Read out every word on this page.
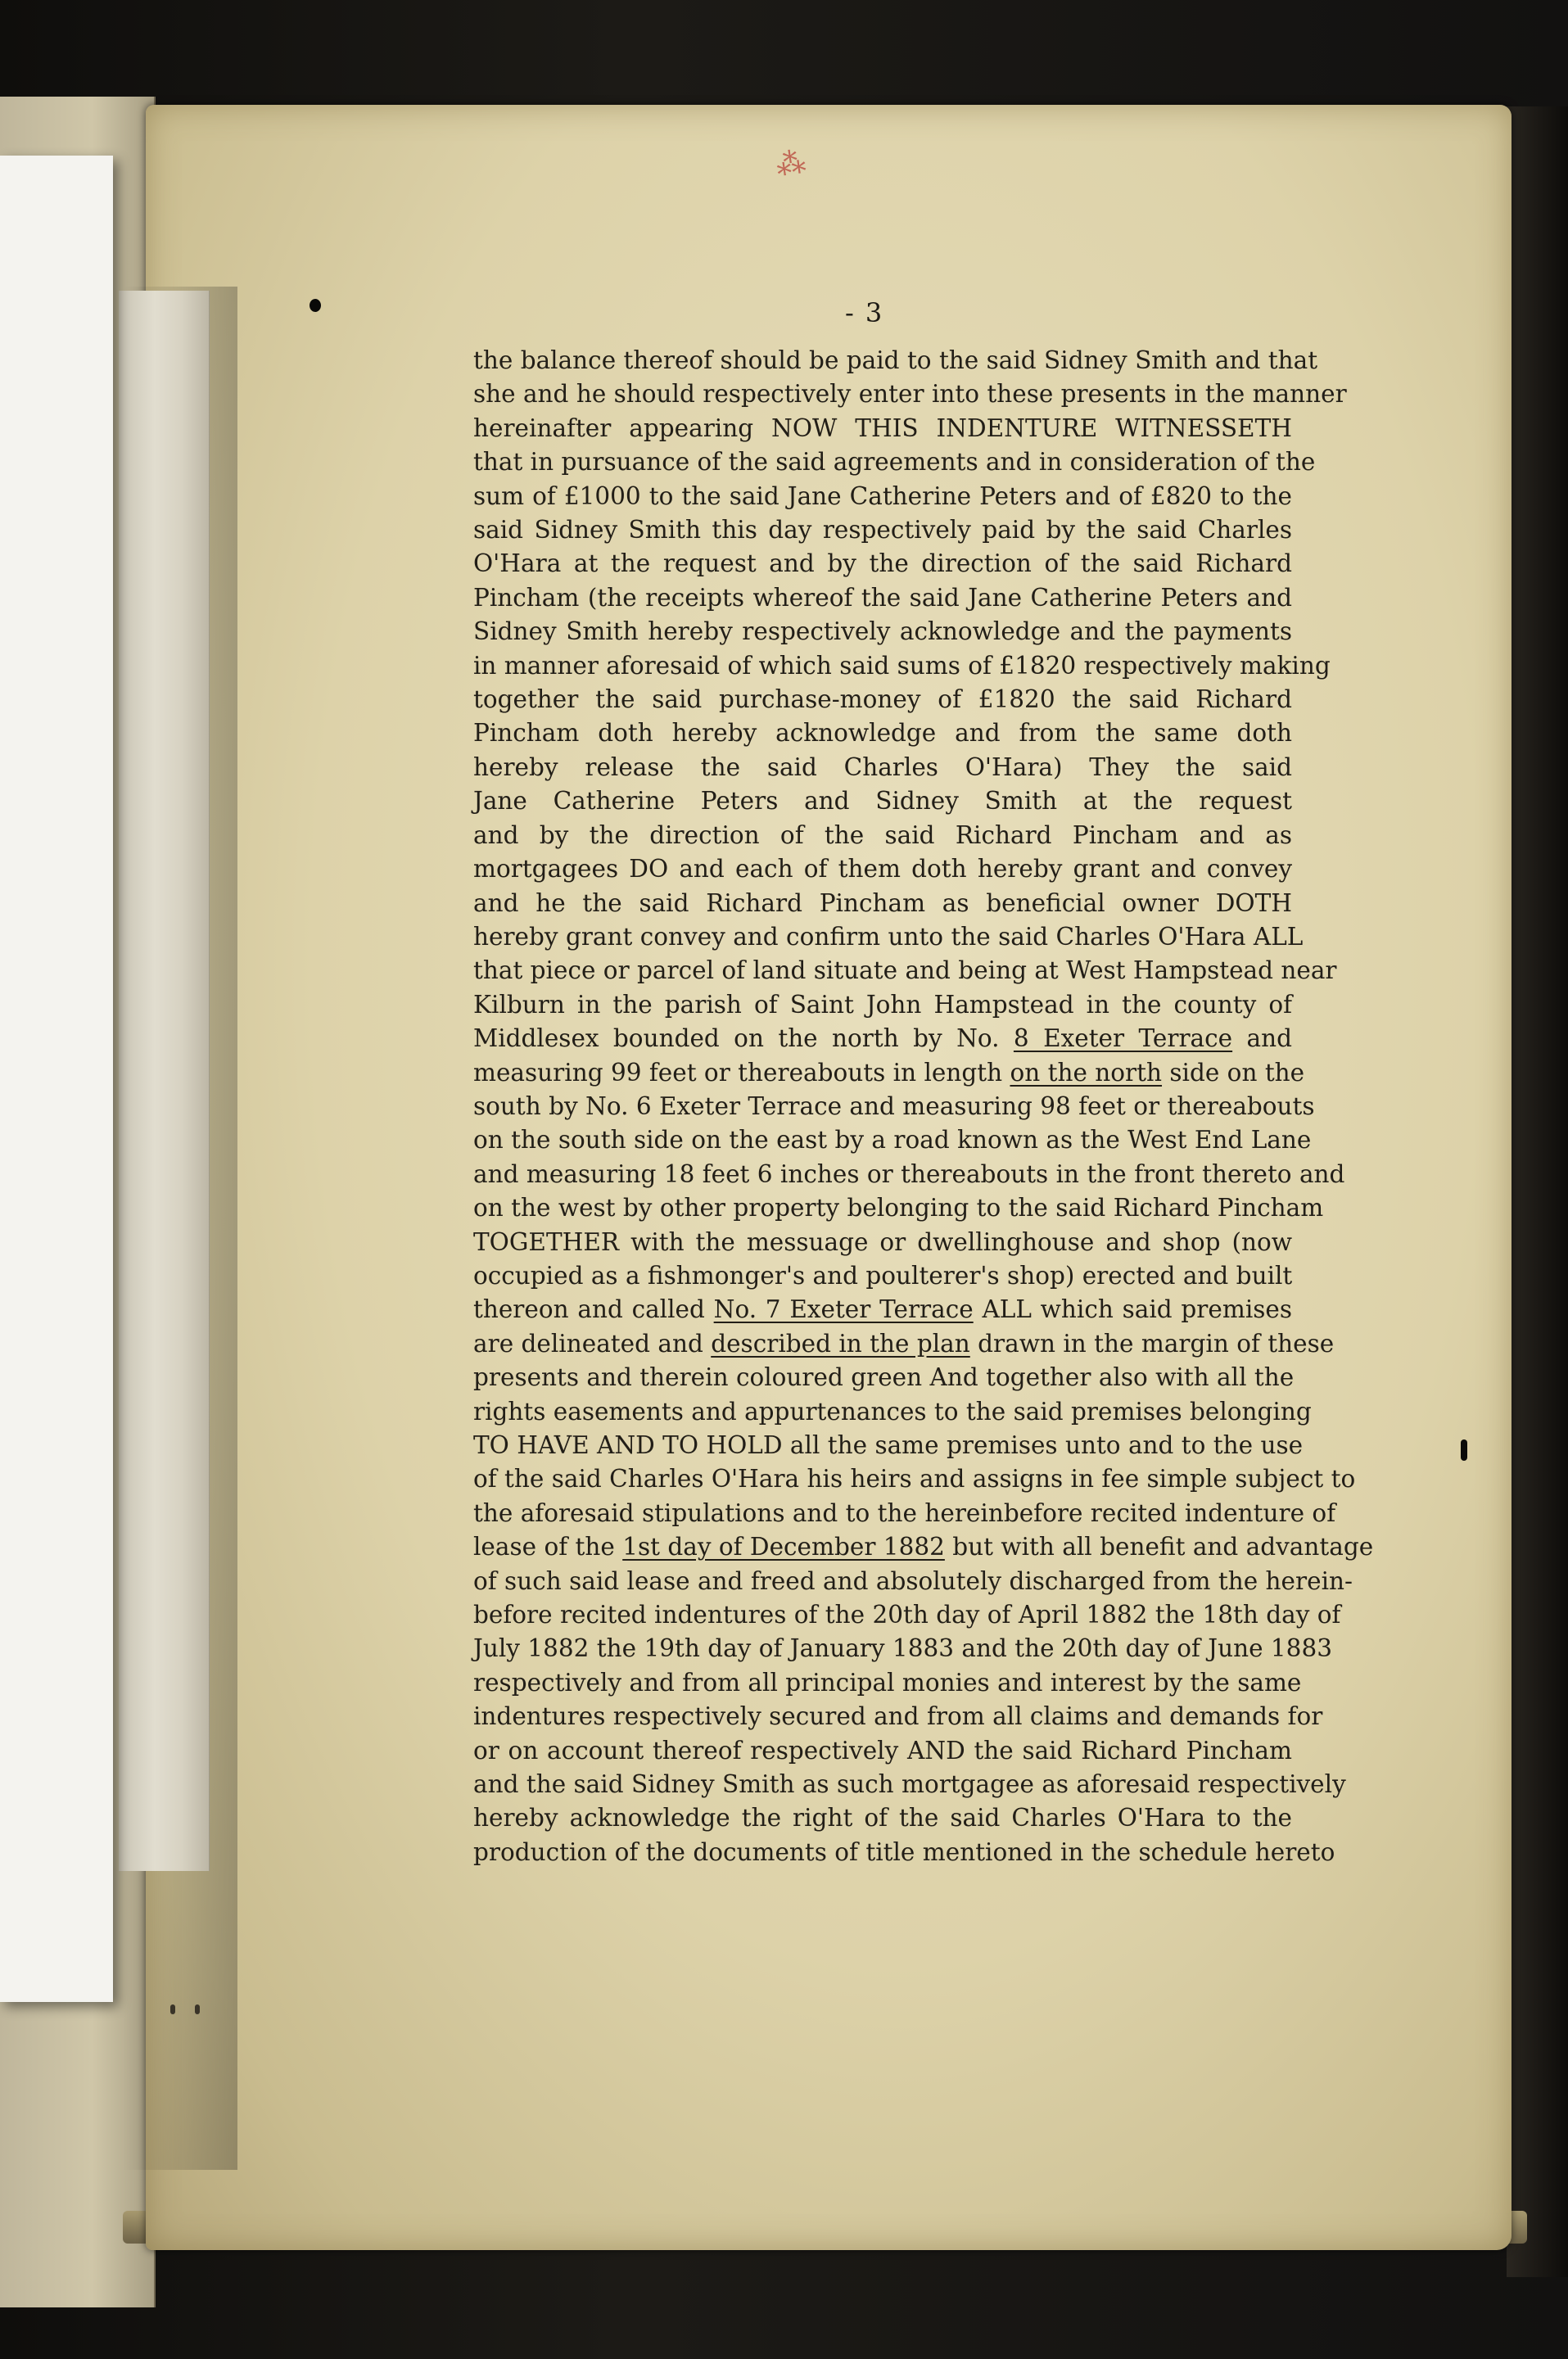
⁂
- 3
the balance thereof should be paid to the said Sidney Smith and that
she and he should respectively enter into these presents in the manner
hereinafter appearing NOW THIS INDENTURE WITNESSETH
that in pursuance of the said agreements and in consideration of the
sum of £1000 to the said Jane Catherine Peters and of £820 to the
said Sidney Smith this day respectively paid by the said Charles
O'Hara at the request and by the direction of the said Richard
Pincham (the receipts whereof the said Jane Catherine Peters and
Sidney Smith hereby respectively acknowledge and the payments
in manner aforesaid of which said sums of £1820 respectively making
together the said purchase-money of £1820 the said Richard
Pincham doth hereby acknowledge and from the same doth
hereby release the said Charles O'Hara) They the said
Jane Catherine Peters and Sidney Smith at the request
and by the direction of the said Richard Pincham and as
mortgagees DO and each of them doth hereby grant and convey
and he the said Richard Pincham as beneficial owner DOTH
hereby grant convey and confirm unto the said Charles O'Hara ALL
that piece or parcel of land situate and being at West Hampstead near
Kilburn in the parish of Saint John Hampstead in the county of
Middlesex bounded on the north by No. 8 Exeter Terrace and
measuring 99 feet or thereabouts in length on the north side on the
south by No. 6 Exeter Terrace and measuring 98 feet or thereabouts
on the south side on the east by a road known as the West End Lane
and measuring 18 feet 6 inches or thereabouts in the front thereto and
on the west by other property belonging to the said Richard Pincham
TOGETHER with the messuage or dwellinghouse and shop (now
occupied as a fishmonger's and poulterer's shop) erected and built
thereon and called No. 7 Exeter Terrace ALL which said premises
are delineated and described in the plan drawn in the margin of these
presents and therein coloured green And together also with all the
rights easements and appurtenances to the said premises belonging
TO HAVE AND TO HOLD all the same premises unto and to the use
of the said Charles O'Hara his heirs and assigns in fee simple subject to
the aforesaid stipulations and to the hereinbefore recited indenture of
lease of the 1st day of December 1882 but with all benefit and advantage
of such said lease and freed and absolutely discharged from the herein-
before recited indentures of the 20th day of April 1882 the 18th day of
July 1882 the 19th day of January 1883 and the 20th day of June 1883
respectively and from all principal monies and interest by the same
indentures respectively secured and from all claims and demands for
or on account thereof respectively AND the said Richard Pincham
and the said Sidney Smith as such mortgagee as aforesaid respectively
hereby acknowledge the right of the said Charles O'Hara to the
production of the documents of title mentioned in the schedule hereto
